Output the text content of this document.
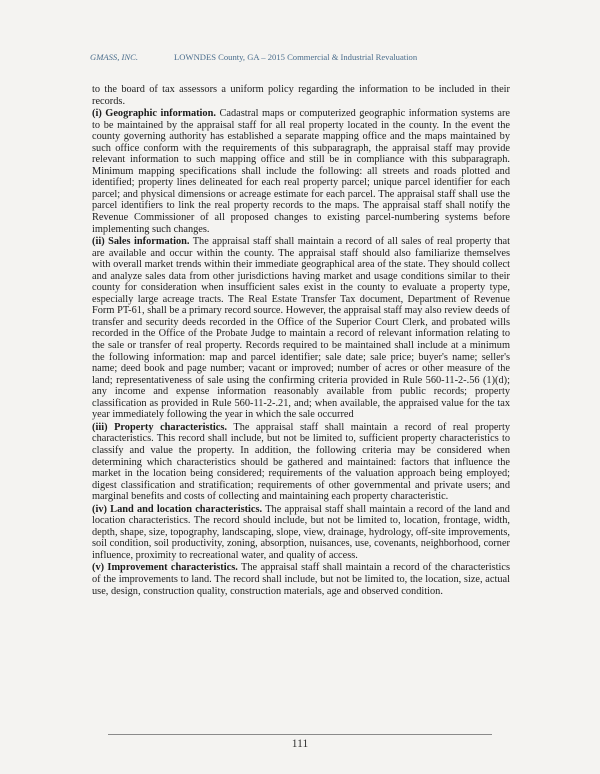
GMASS, INC.	LOWNDES County, GA – 2015 Commercial & Industrial Revaluation

to the board of tax assessors a uniform policy regarding the information to be included in their records.

(i) Geographic information. Cadastral maps or computerized geographic information systems are to be maintained by the appraisal staff for all real property located in the county. In the event the county governing authority has established a separate mapping office and the maps maintained by such office conform with the requirements of this subparagraph, the appraisal staff may provide relevant information to such mapping office and still be in compliance with this subparagraph. Minimum mapping specifications shall include the following: all streets and roads plotted and identified; property lines delineated for each real property parcel; unique parcel identifier for each parcel; and physical dimensions or acreage estimate for each parcel. The appraisal staff shall use the parcel identifiers to link the real property records to the maps. The appraisal staff shall notify the Revenue Commissioner of all proposed changes to existing parcel-numbering systems before implementing such changes.

(ii) Sales information. The appraisal staff shall maintain a record of all sales of real property that are available and occur within the county. The appraisal staff should also familiarize themselves with overall market trends within their immediate geographical area of the state. They should collect and analyze sales data from other jurisdictions having market and usage conditions similar to their county for consideration when insufficient sales exist in the county to evaluate a property type, especially large acreage tracts. The Real Estate Transfer Tax document, Department of Revenue Form PT-61, shall be a primary record source. However, the appraisal staff may also review deeds of transfer and security deeds recorded in the Office of the Superior Court Clerk, and probated wills recorded in the Office of the Probate Judge to maintain a record of relevant information relating to the sale or transfer of real property. Records required to be maintained shall include at a minimum the following information: map and parcel identifier; sale date; sale price; buyer's name; seller's name; deed book and page number; vacant or improved; number of acres or other measure of the land; representativeness of sale using the confirming criteria provided in Rule 560-11-2-.56 (1)(d); any income and expense information reasonably available from public records; property classification as provided in Rule 560-11-2-.21, and; when available, the appraised value for the tax year immediately following the year in which the sale occurred

(iii) Property characteristics. The appraisal staff shall maintain a record of real property characteristics. This record shall include, but not be limited to, sufficient property characteristics to classify and value the property. In addition, the following criteria may be considered when determining which characteristics should be gathered and maintained: factors that influence the market in the location being considered; requirements of the valuation approach being employed; digest classification and stratification; requirements of other governmental and private users; and marginal benefits and costs of collecting and maintaining each property characteristic.

(iv) Land and location characteristics. The appraisal staff shall maintain a record of the land and location characteristics. The record should include, but not be limited to, location, frontage, width, depth, shape, size, topography, landscaping, slope, view, drainage, hydrology, off-site improvements, soil condition, soil productivity, zoning, absorption, nuisances, use, covenants, neighborhood, corner influence, proximity to recreational water, and quality of access.

(v) Improvement characteristics. The appraisal staff shall maintain a record of the characteristics of the improvements to land. The record shall include, but not be limited to, the location, size, actual use, design, construction quality, construction materials, age and observed condition.

111
